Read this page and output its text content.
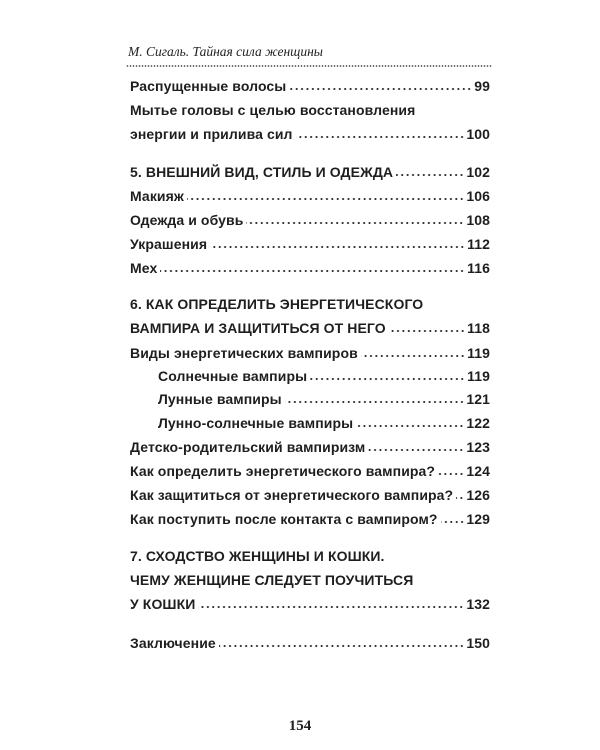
М. Сигаль. Тайная сила женщины
Распущенные волосы	99
Мытье головы с целью восстановления
энергии и прилива сил	100
5. ВНЕШНИЙ ВИД, СТИЛЬ И ОДЕЖДА	102
Макияж	106
Одежда и обувь	108
Украшения	112
Мех	116
6. КАК ОПРЕДЕЛИТЬ ЭНЕРГЕТИЧЕСКОГО
ВАМПИРА И ЗАЩИТИТЬСЯ ОТ НЕГО	118
Виды энергетических вампиров	119
Солнечные вампиры	119
Лунные вампиры	121
Лунно-солнечные вампиры	122
Детско-родительский вампиризм	123
Как определить энергетического вампира? 124
Как защититься от энергетического вампира? 126
Как поступить после контакта с вампиром? 129
7. СХОДСТВО ЖЕНЩИНЫ И КОШКИ.
ЧЕМУ ЖЕНЩИНЕ СЛЕДУЕТ ПОУЧИТЬСЯ
У КОШКИ	132
Заключение	150
154
